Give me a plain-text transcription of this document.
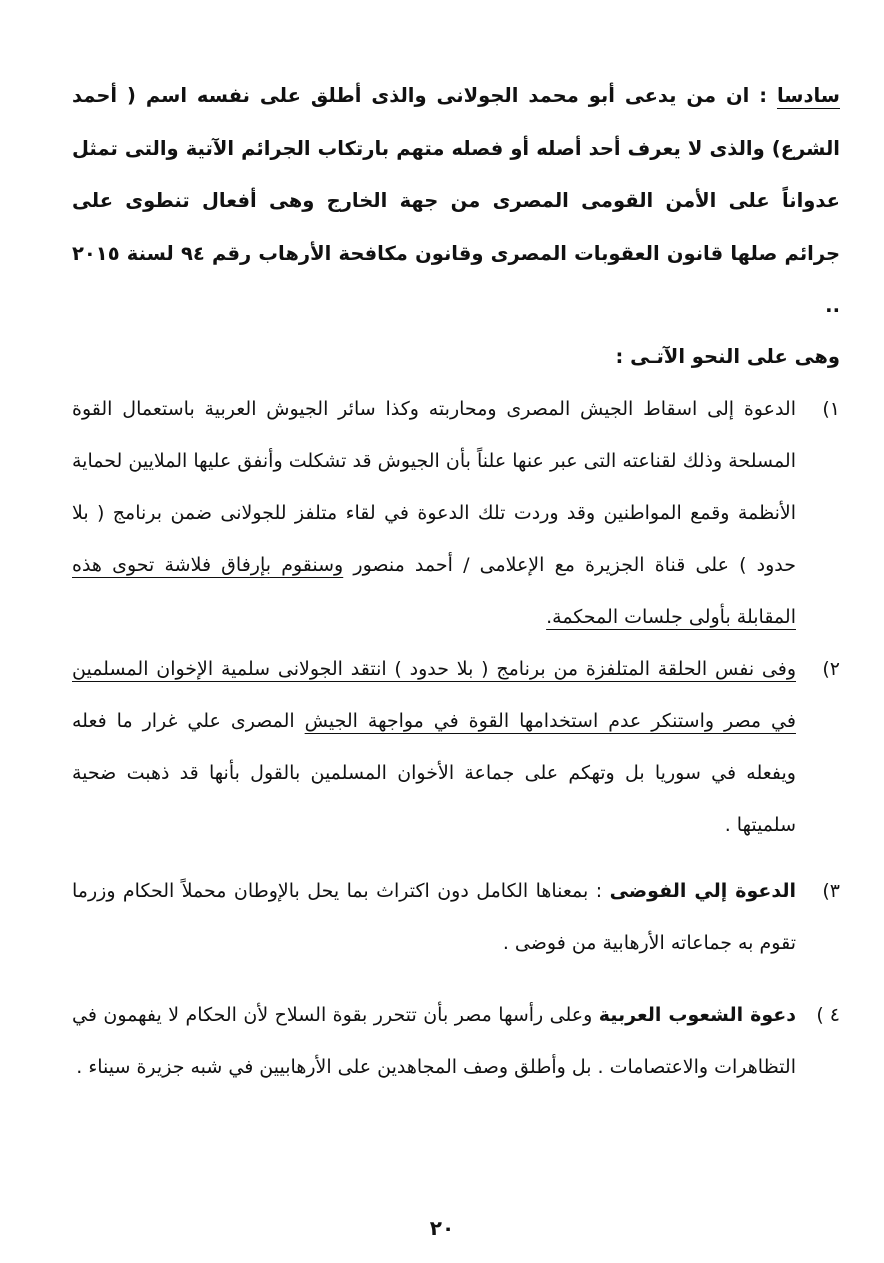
سادسا : ان من يدعى أبو محمد الجولانى والذى أطلق على نفسه اسم ( أحمد الشرع) والذى لا يعرف أحد أصله أو فصله متهم بارتكاب الجرائم الآتية والتى تمثل عدواناً على الأمن القومى المصرى من جهة الخارج وهى أفعال تنطوى على جرائم صلها قانون العقوبات المصرى وقانون مكافحة الأرهاب رقم ٩٤ لسنة ٢٠١٥ ..
وهى على النحو الآتـى :

١)
الدعوة إلى اسقاط الجيش المصرى ومحاربته وكذا سائر الجيوش العربية باستعمال القوة المسلحة وذلك لقناعته التى عبر عنها علناً بأن الجيوش قد تشكلت وأنفق عليها الملايين لحماية الأنظمة وقمع المواطنين وقد وردت تلك الدعوة في لقاء متلفز للجولانى ضمن برنامج ( بلا حدود ) على قناة الجزيرة مع الإعلامى / أحمد منصور وسنقوم بإرفاق فلاشة تحوى هذه المقابلة بأولى جلسات المحكمة.
٢)
وفى نفس الحلقة المتلفزة من برنامج ( بلا حدود ) انتقد الجولانى سلمية الإخوان المسلمين في مصر واستنكر عدم استخدامها القوة في مواجهة الجيش المصرى علي غرار ما فعله ويفعله في سوريا بل وتهكم على جماعة الأخوان المسلمين بالقول بأنها قد ذهبت ضحية سلميتها .
٣)
الدعوة إلي الفوضى : بمعناها الكامل دون اكتراث بما يحل بالإوطان محملاً الحكام وزرما تقوم به جماعاته الأرهابية من فوضى .
٤ )
دعوة الشعوب العربية وعلى رأسها مصر بأن تتحرر بقوة السلاح لأن الحكام لا يفهمون في التظاهرات والاعتصامات . بل وأطلق وصف المجاهدين على الأرهابيين في شبه جزيرة سيناء .
٢٠
